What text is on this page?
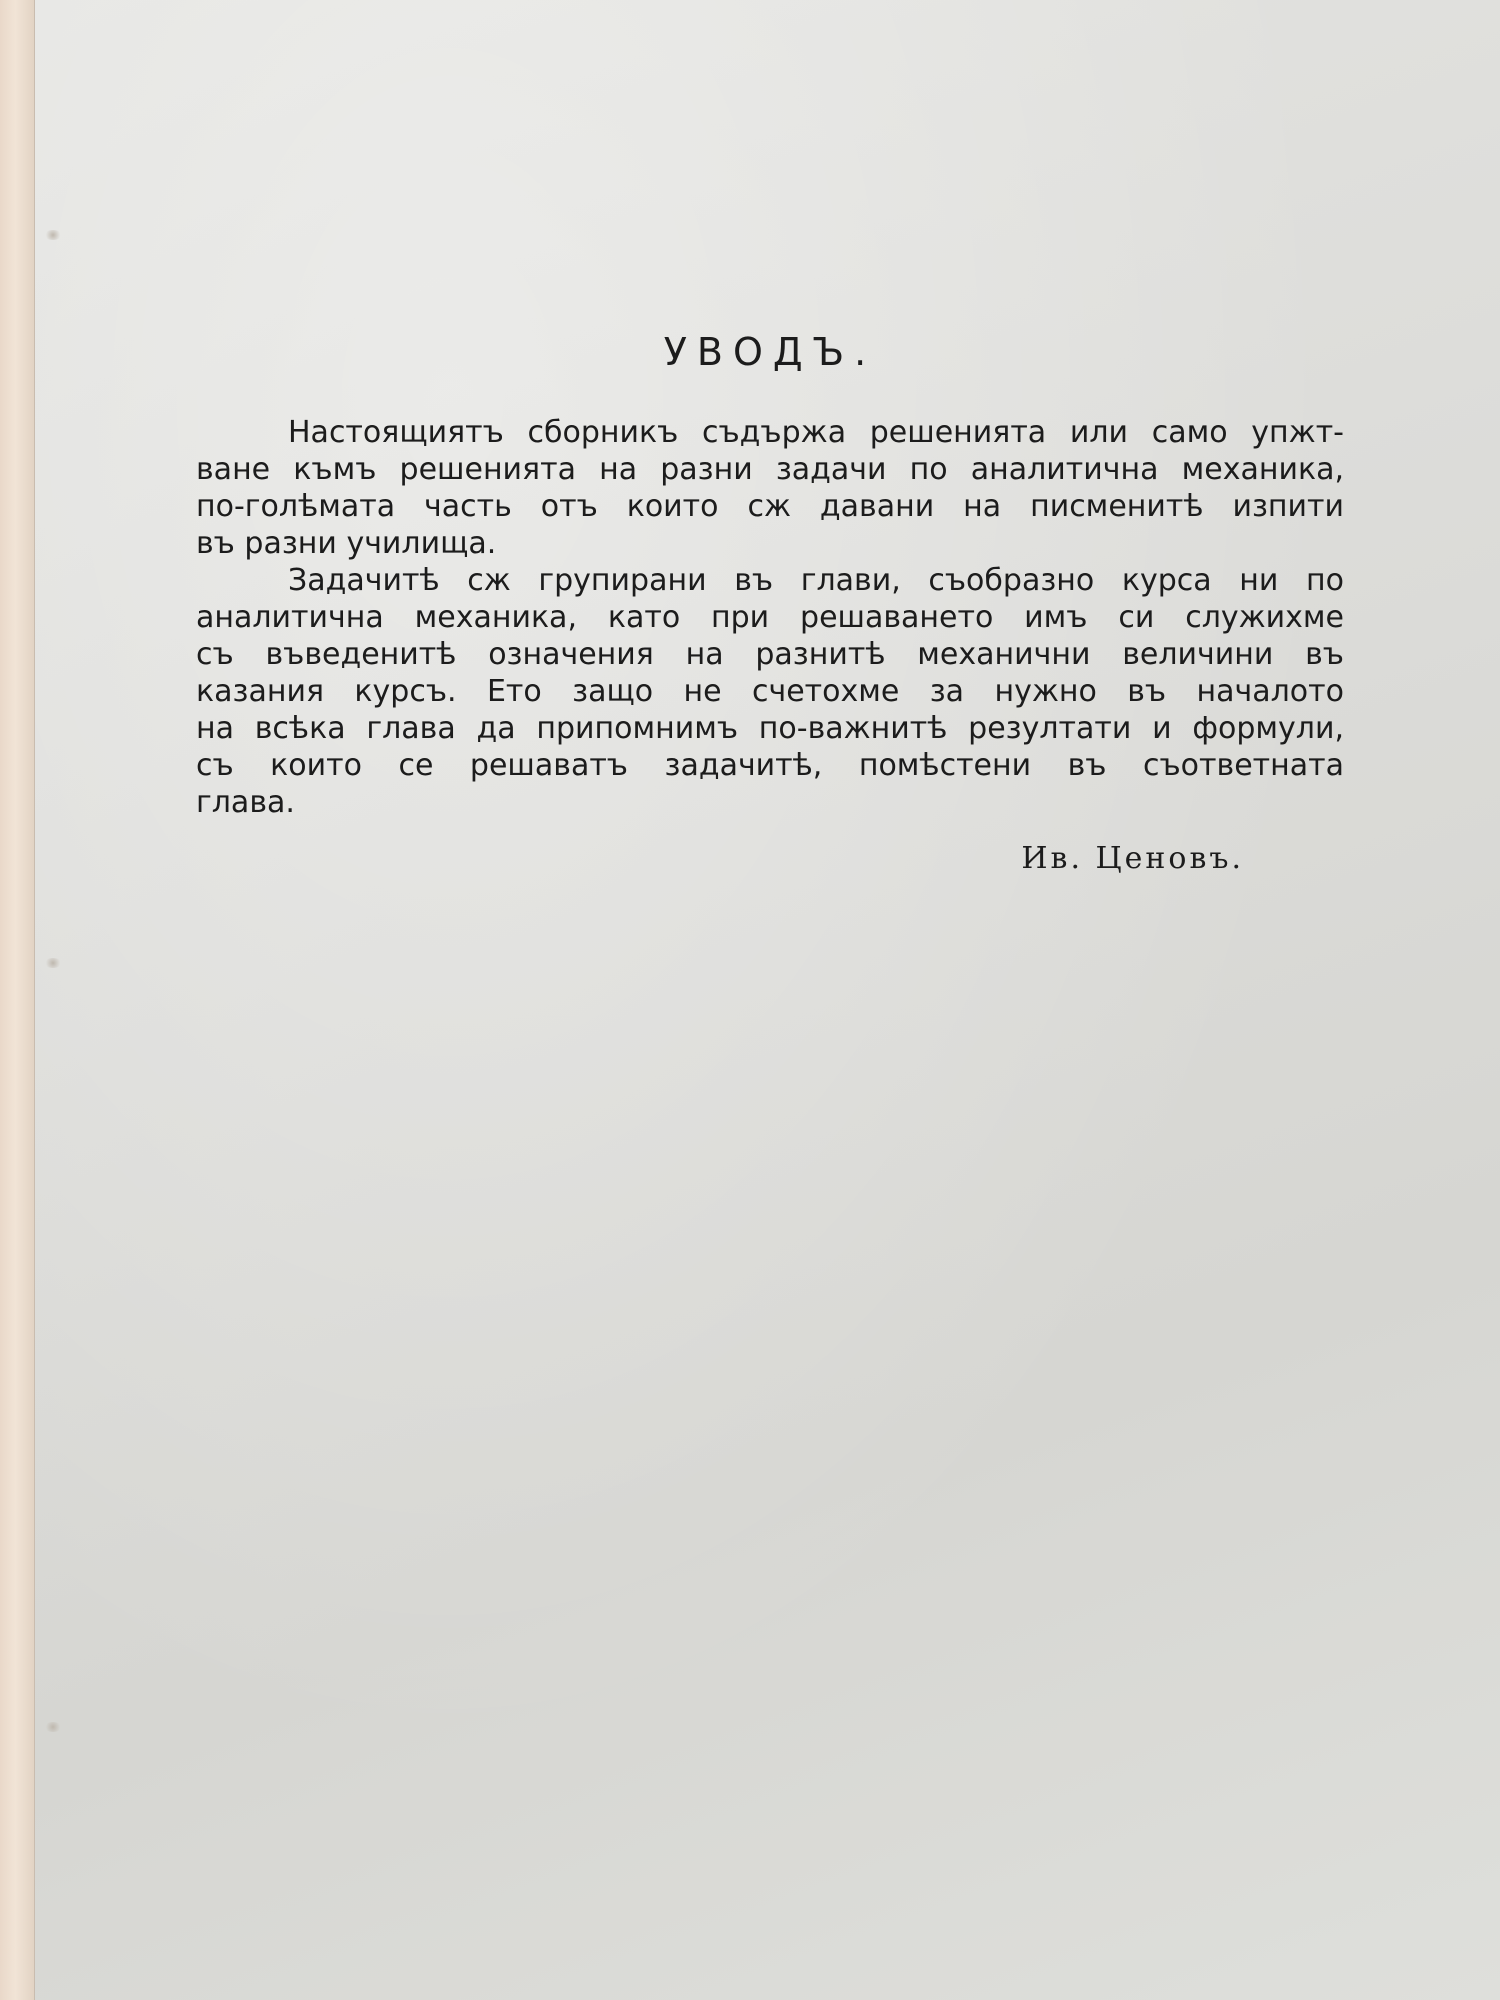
УВОДЪ.

Настоящиятъ сборникъ съдържа решенията или само упжт-
ване къмъ решенията на разни задачи по аналитична механика,
по-голѣмата часть отъ които сж давани на писменитѣ изпити
въ разни училища.

Задачитѣ сж групирани въ глави, съобразно курса ни по
аналитична механика, като при решаването имъ си служихме
съ въведенитѣ означения на разнитѣ механични величини въ
казания курсъ. Ето защо не счетохме за нужно въ началото
на всѣка глава да припомнимъ по-важнитѣ резултати и формули,
съ които се решаватъ задачитѣ, помѣстени въ съответната
глава.

Ив. Ценовъ.
